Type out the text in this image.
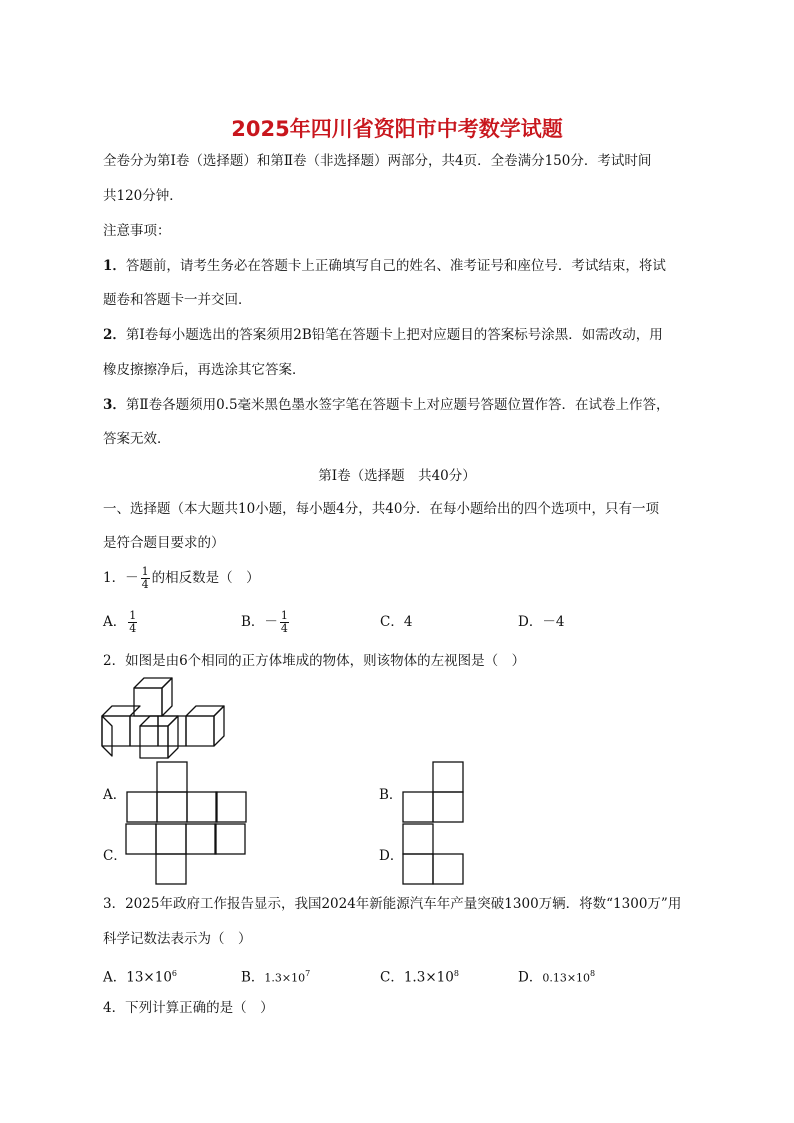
2025年四川省资阳市中考数学试题
全卷分为第Ⅰ卷（选择题）和第Ⅱ卷（非选择题）两部分，共4页．全卷满分150分．考试时间
共120分钟．
注意事项：
1．答题前，请考生务必在答题卡上正确填写自己的姓名、准考证号和座位号．考试结束，将试
题卷和答题卡一并交回．
2．第Ⅰ卷每小题选出的答案须用2B铅笔在答题卡上把对应题目的答案标号涂黑．如需改动，用
橡皮擦擦净后，再选涂其它答案．
3．第Ⅱ卷各题须用0.5毫米黑色墨水签字笔在答题卡上对应题号答题位置作答．在试卷上作答，
答案无效．
第Ⅰ卷（选择题　共40分）
一、选择题（本大题共10小题，每小题4分，共40分．在每小题给出的四个选项中，只有一项
是符合题目要求的）
1．－ $\frac{1}{4}$ 的相反数是（　）
A． $\frac{1}{4}$	B．－ $\frac{1}{4}$	C．4	D．－4
2．如图是由6个相同的正方体堆成的物体，则该物体的左视图是（　）
A．	B．
C．	D．
3．2025年政府工作报告显示，我国2024年新能源汽车年产量突破1300万辆．将数“1300万”用
科学记数法表示为（　）
A．$13\times 10^6$	B．$1.3\times 10^7$	C．$1.3\times 10^8$	D．$0.13\times 10^8$
4．下列计算正确的是（　）
